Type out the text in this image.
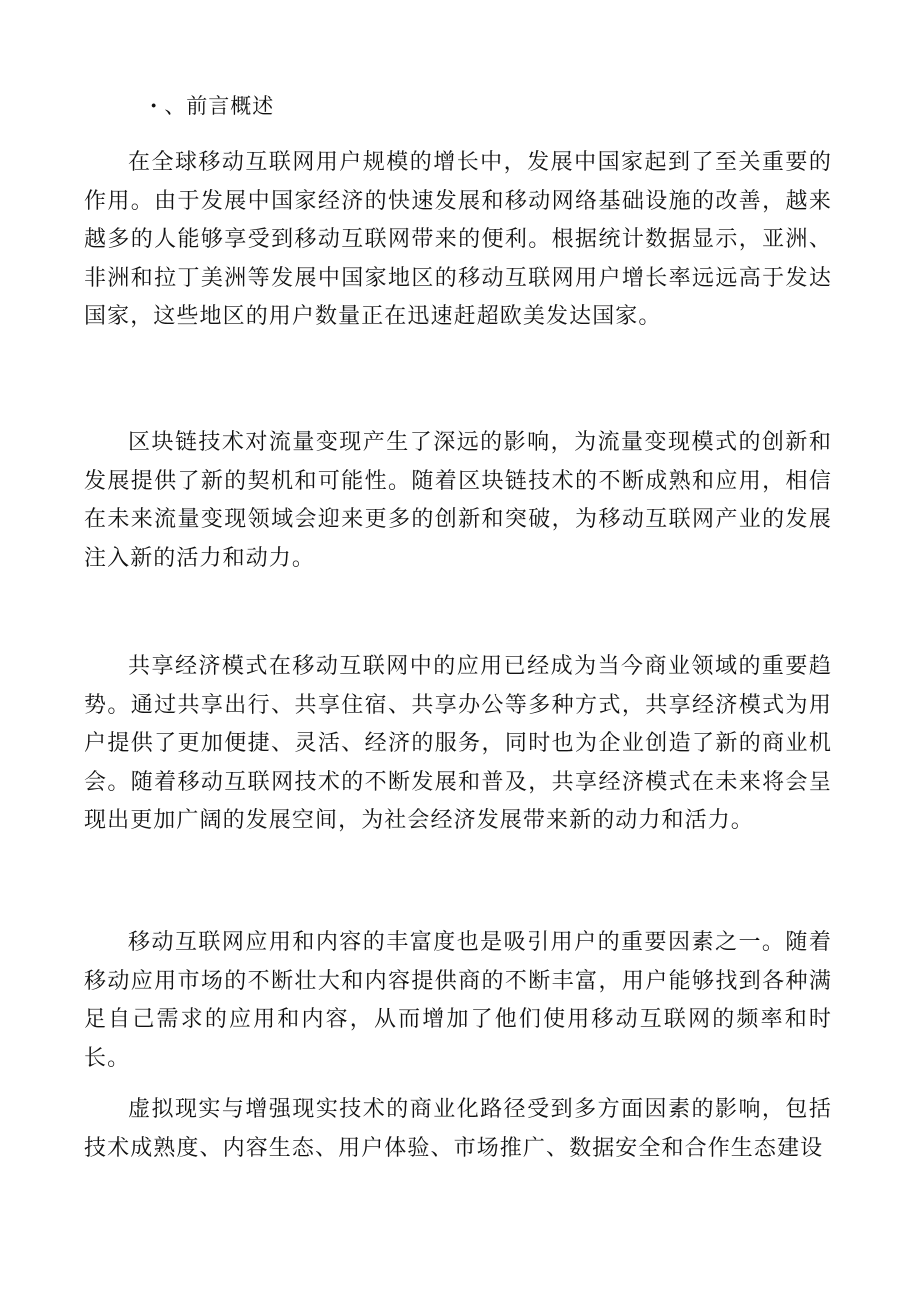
· 、前言概述

在全球移动互联网用户规模的增长中，发展中国家起到了至关重要的作用。由于发展中国家经济的快速发展和移动网络基础设施的改善，越来越多的人能够享受到移动互联网带来的便利。根据统计数据显示，亚洲、非洲和拉丁美洲等发展中国家地区的移动互联网用户增长率远远高于发达国家，这些地区的用户数量正在迅速赶超欧美发达国家。

区块链技术对流量变现产生了深远的影响，为流量变现模式的创新和发展提供了新的契机和可能性。随着区块链技术的不断成熟和应用，相信在未来流量变现领域会迎来更多的创新和突破，为移动互联网产业的发展注入新的活力和动力。

共享经济模式在移动互联网中的应用已经成为当今商业领域的重要趋势。通过共享出行、共享住宿、共享办公等多种方式，共享经济模式为用户提供了更加便捷、灵活、经济的服务，同时也为企业创造了新的商业机会。随着移动互联网技术的不断发展和普及，共享经济模式在未来将会呈现出更加广阔的发展空间，为社会经济发展带来新的动力和活力。

移动互联网应用和内容的丰富度也是吸引用户的重要因素之一。随着移动应用市场的不断壮大和内容提供商的不断丰富，用户能够找到各种满足自己需求的应用和内容，从而增加了他们使用移动互联网的频率和时长。

虚拟现实与增强现实技术的商业化路径受到多方面因素的影响，包括技术成熟度、内容生态、用户体验、市场推广、数据安全和合作生态建设
